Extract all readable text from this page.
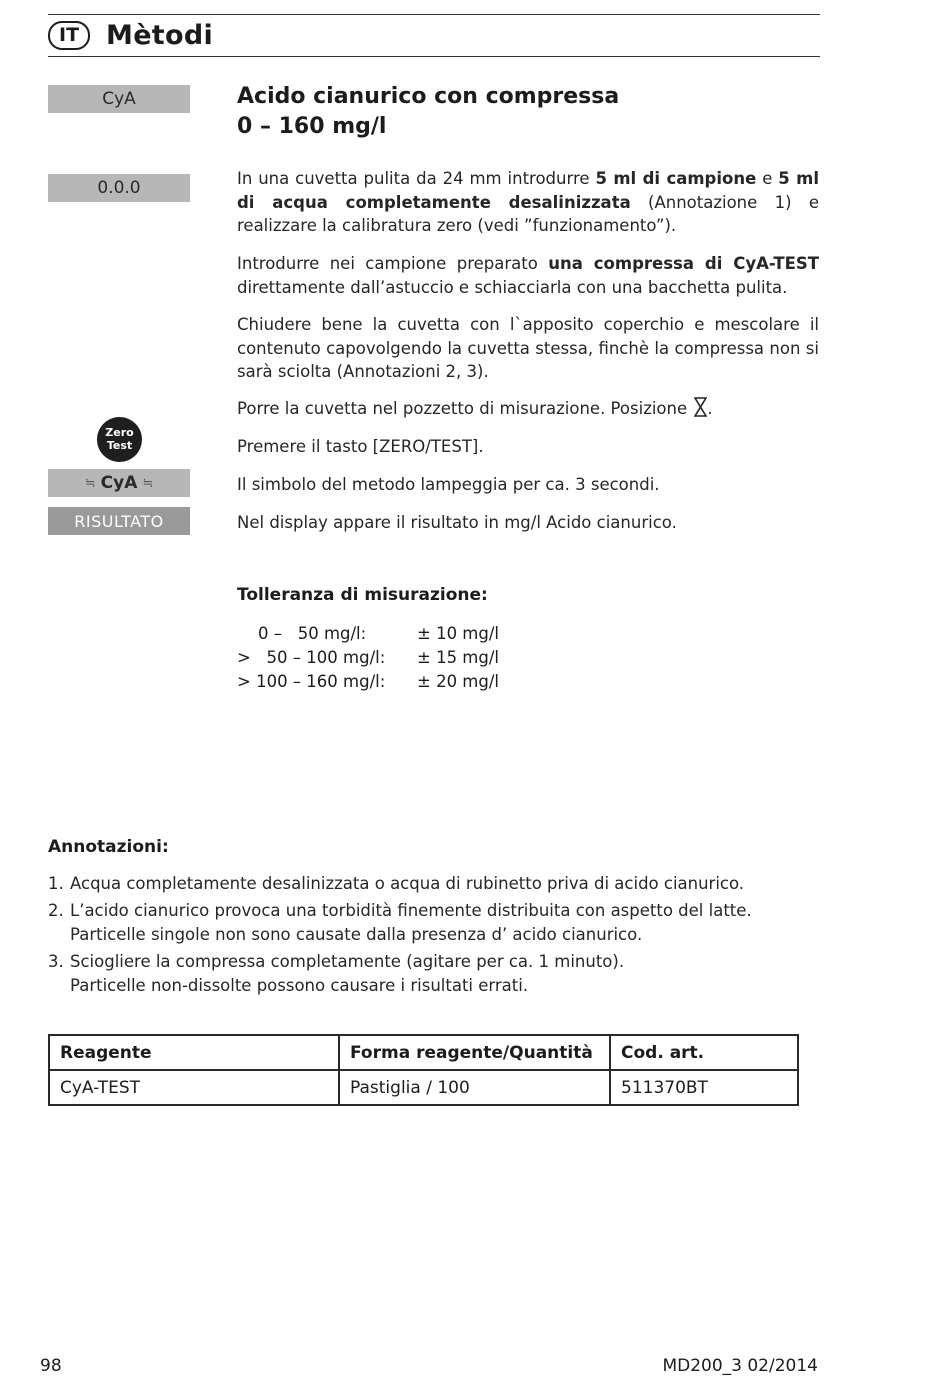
IT	Mètodi
CyA
0.0.0
Zero
Test
≒ CyA ≒
RISULTATO
Acido cianurico con compressa
0 – 160 mg/l
In una cuvetta pulita da 24 mm introdurre 5 ml di campione e 5 ml di acqua completamente desalinizzata (Annotazione 1) e realizzare la calibratura zero (vedi ”funzionamento”).
Introdurre nei campione preparato una compressa di CyA-TEST direttamente dall’astuccio e schiacciarla con una bacchetta pulita.
Chiudere bene la cuvetta con l`apposito coperchio e mescolare il contenuto capovolgendo la cuvetta stessa, finchè la compressa non si sarà sciolta (Annotazioni 2, 3).
Porre la cuvetta nel pozzetto di misurazione. Posizione .
Premere il tasto [ZERO/TEST].
Il simbolo del metodo lampeggia per ca. 3 secondi.
Nel display appare il risultato in mg/l Acido cianurico.
Tolleranza di misurazione:
0 –   50 mg/l:	± 10 mg/l
>   50 – 100 mg/l:	± 15 mg/l
> 100 – 160 mg/l:	± 20 mg/l
Annotazioni:
1. Acqua completamente desalinizzata o acqua di rubinetto priva di acido cianurico.
2. L’acido cianurico provoca una torbidità finemente distribuita con aspetto del latte.
Particelle singole non sono causate dalla presenza d’ acido cianurico.
3. Sciogliere la compressa completamente (agitare per ca. 1 minuto).
Particelle non-dissolte possono causare i risultati errati.
Reagente	Forma reagente/Quantità	Cod. art.
CyA-TEST	Pastiglia / 100	511370BT
98	MD200_3 02/2014
